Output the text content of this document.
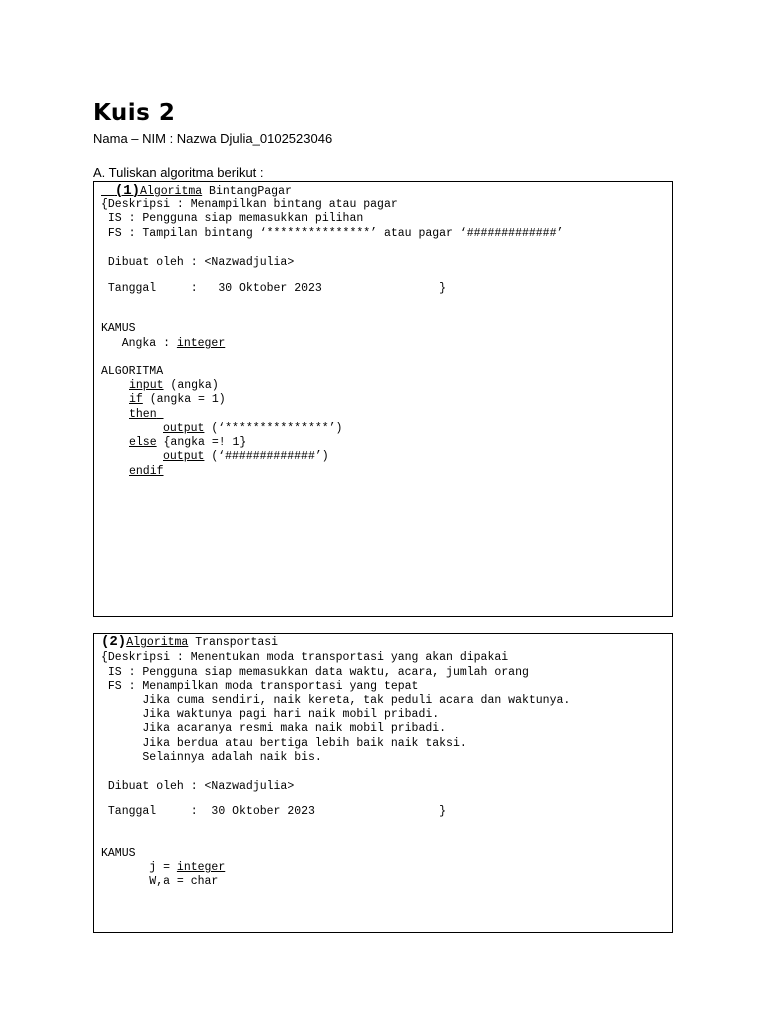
Kuis 2
Nama – NIM : Nazwa Djulia_0102523046
A. Tuliskan algoritma berikut :
(1)Algoritma BintangPagar
{Deskripsi : Menampilkan bintang atau pagar
IS : Pengguna siap memasukkan pilihan
FS : Tampilan bintang ‘***************’ atau pagar ‘#############’
Dibuat oleh : <Nazwadjulia>
Tanggal     :   30 Oktober 2023                 }
KAMUS
Angka : integer
ALGORITMA
input (angka)
if (angka = 1)
then
output (‘***************’)
else {angka =! 1}
output (‘#############’)
endif
(2)Algoritma Transportasi
{Deskripsi : Menentukan moda transportasi yang akan dipakai
IS : Pengguna siap memasukkan data waktu, acara, jumlah orang
FS : Menampilkan moda transportasi yang tepat
Jika cuma sendiri, naik kereta, tak peduli acara dan waktunya.
Jika waktunya pagi hari naik mobil pribadi.
Jika acaranya resmi maka naik mobil pribadi.
Jika berdua atau bertiga lebih baik naik taksi.
Selainnya adalah naik bis.
Dibuat oleh : <Nazwadjulia>
Tanggal     :  30 Oktober 2023                  }
KAMUS
j = integer
W,a = char
